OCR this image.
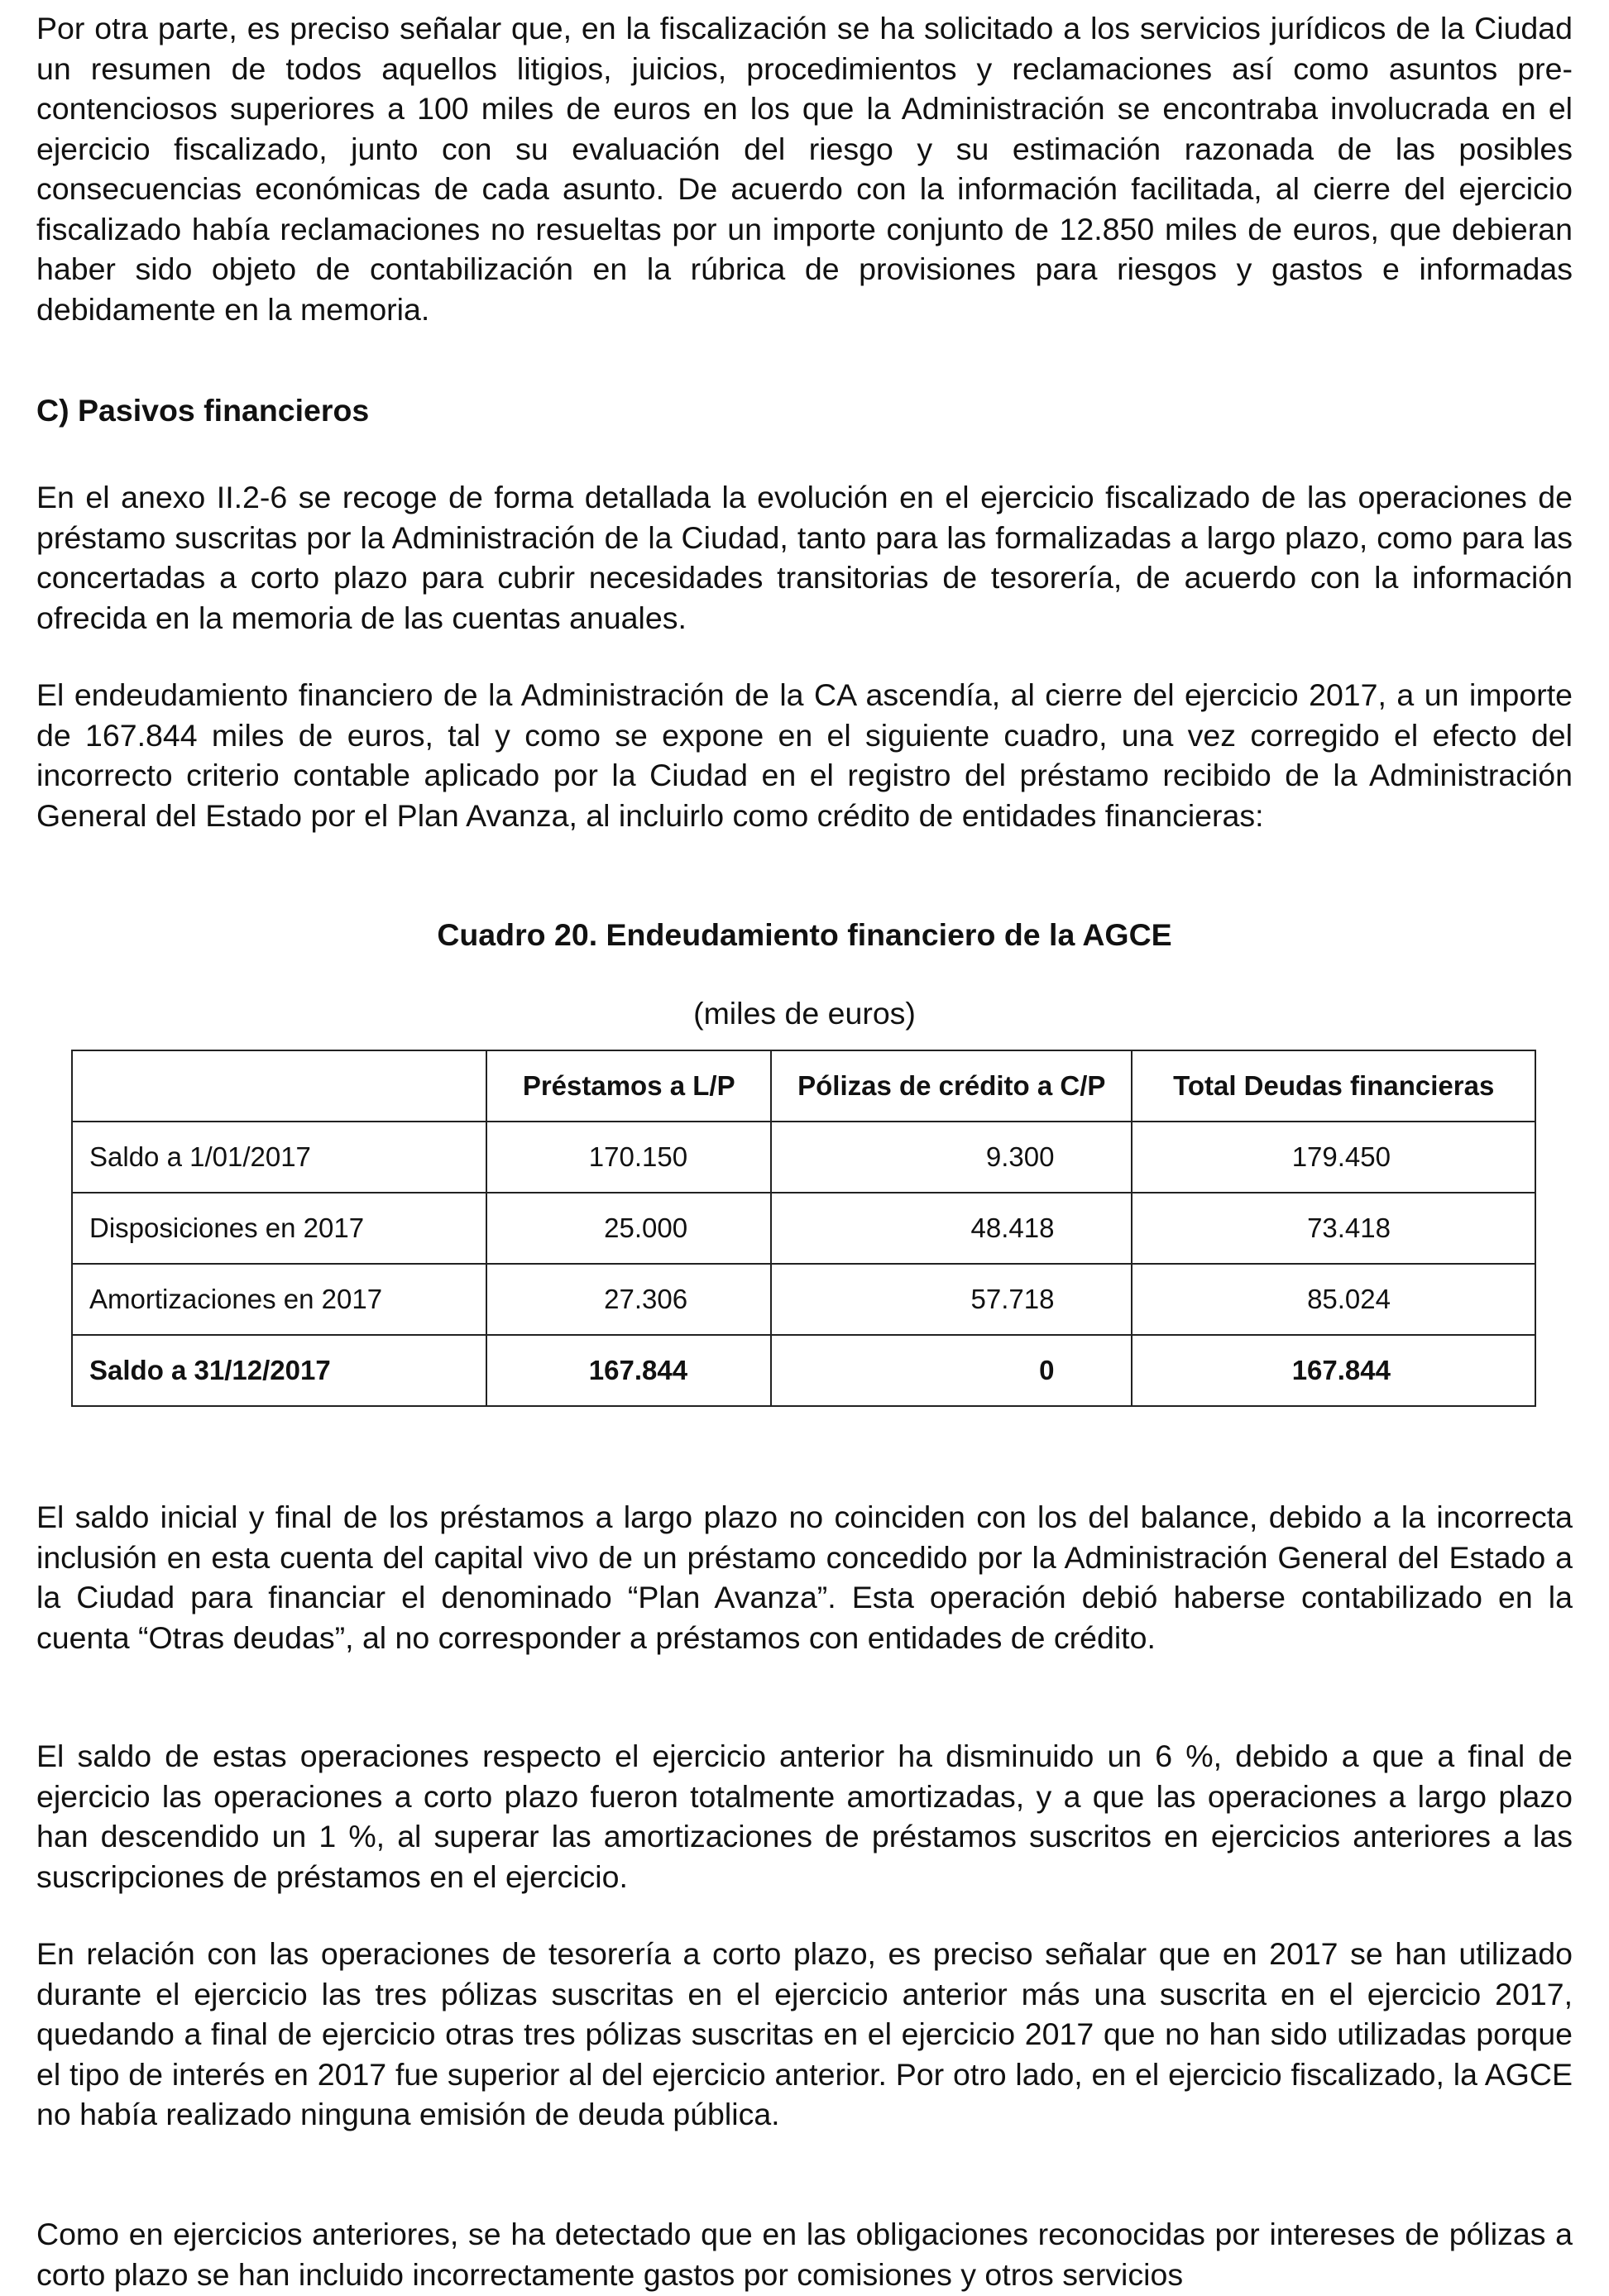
Por otra parte, es preciso señalar que, en la fiscalización se ha solicitado a los servicios jurídicos de la Ciudad un resumen de todos aquellos litigios, juicios, procedimientos y reclamaciones así como asuntos pre-contenciosos superiores a 100 miles de euros en los que la Administración se encontraba involucrada en el ejercicio fiscalizado, junto con su evaluación del riesgo y su estimación razonada de las posibles consecuencias económicas de cada asunto. De acuerdo con la información facilitada, al cierre del ejercicio fiscalizado había reclamaciones no resueltas por un importe conjunto de 12.850 miles de euros, que debieran haber sido objeto de contabilización en la rúbrica de provisiones para riesgos y gastos e informadas debidamente en la memoria.

C) Pasivos financieros

En el anexo II.2-6 se recoge de forma detallada la evolución en el ejercicio fiscalizado de las operaciones de préstamo suscritas por la Administración de la Ciudad, tanto para las formalizadas a largo plazo, como para las concertadas a corto plazo para cubrir necesidades transitorias de tesorería, de acuerdo con la información ofrecida en la memoria de las cuentas anuales.

El endeudamiento financiero de la Administración de la CA ascendía, al cierre del ejercicio 2017, a un importe de 167.844 miles de euros, tal y como se expone en el siguiente cuadro, una vez corregido el efecto del incorrecto criterio contable aplicado por la Ciudad en el registro del préstamo recibido de la Administración General del Estado por el Plan Avanza, al incluirlo como crédito de entidades financieras:

Cuadro 20. Endeudamiento financiero de la AGCE

(miles de euros)

	Préstamos a L/P	Pólizas de crédito a C/P	Total Deudas financieras
Saldo a 1/01/2017	170.150	9.300	179.450
Disposiciones en 2017	25.000	48.418	73.418
Amortizaciones en 2017	27.306	57.718	85.024
Saldo a 31/12/2017	167.844	0	167.844

El saldo inicial y final de los préstamos a largo plazo no coinciden con los del balance, debido a la incorrecta inclusión en esta cuenta del capital vivo de un préstamo concedido por la Administración General del Estado a la Ciudad para financiar el denominado “Plan Avanza”. Esta operación debió haberse contabilizado en la cuenta “Otras deudas”, al no corresponder a préstamos con entidades de crédito.

El saldo de estas operaciones respecto el ejercicio anterior ha disminuido un 6 %, debido a que a final de ejercicio las operaciones a corto plazo fueron totalmente amortizadas, y a que las operaciones a largo plazo han descendido un 1 %, al superar las amortizaciones de préstamos suscritos en ejercicios anteriores a las suscripciones de préstamos en el ejercicio.

En relación con las operaciones de tesorería a corto plazo, es preciso señalar que en 2017 se han utilizado durante el ejercicio las tres pólizas suscritas en el ejercicio anterior más una suscrita en el ejercicio 2017, quedando a final de ejercicio otras tres pólizas suscritas en el ejercicio 2017 que no han sido utilizadas porque el tipo de interés en 2017 fue superior al del ejercicio anterior. Por otro lado, en el ejercicio fiscalizado, la AGCE no había realizado ninguna emisión de deuda pública.

Como en ejercicios anteriores, se ha detectado que en las obligaciones reconocidas por intereses de pólizas a corto plazo se han incluido incorrectamente gastos por comisiones y otros servicios
